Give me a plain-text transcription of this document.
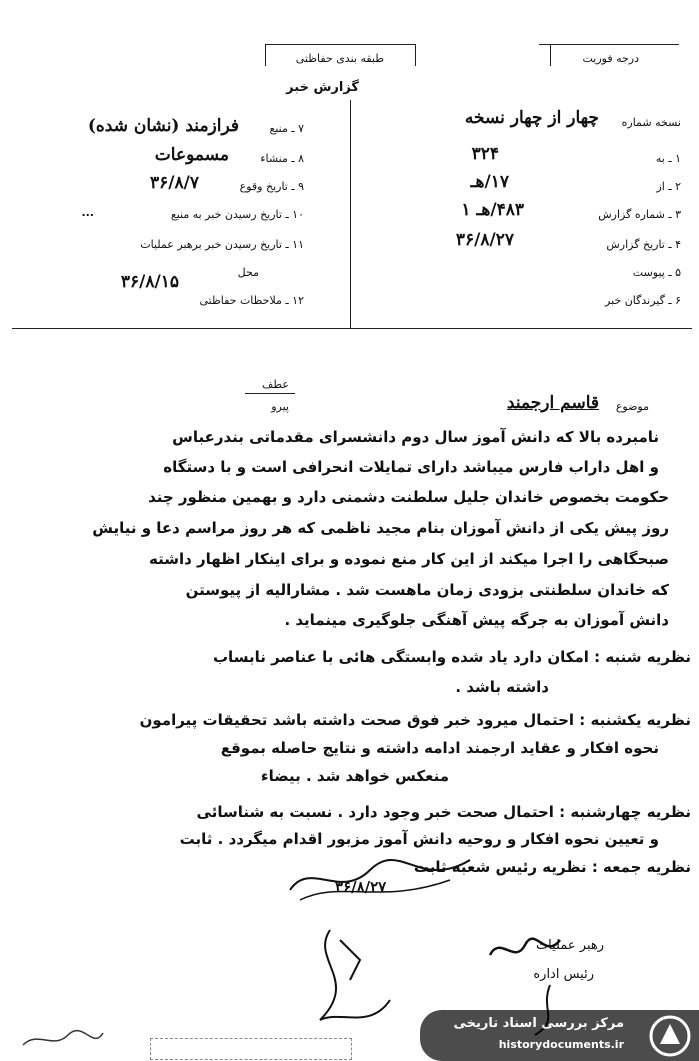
درجه فوریت
طبقه بندی حفاظتی
گزارش خبر
نسخه شماره
چهار از چهار نسخه
۱ ـ به
۳۲۴
۲ ـ از
۱۷/هـ
۳ ـ شماره گزارش
۴۸۳/هـ ۱
۴ ـ تاریخ گزارش
۳۶/۸/۲۷
۵ ـ پیوست
۶ ـ گیرندگان خبر
۷ ـ منبع
فرازمند (نشان شده)
۸ ـ منشاء
مسموعات
۹ ـ تاریخ وقوع
۳۶/۸/۷
۱۰ ـ تاریخ رسیدن خبر به منبع
...
۱۱ ـ تاریخ رسیدن خبر برهبر عملیات
محل
۳۶/۸/۱۵
۱۲ ـ ملاحظات حفاظتی
عطف
پیرو	موضوع
قاسم ارجمند
نامبرده بالا که دانش آموز سال دوم دانشسرای مقدماتی بندرعباس
و اهل داراب فارس میباشد دارای تمایلات انحرافی است و با دستگاه
حکومت بخصوص خاندان جلیل سلطنت دشمنی دارد و بهمین منظور چند
روز پیش یکی از دانش آموزان بنام مجید ناظمی که هر روز مراسم دعا و نیایش
صبحگاهی را اجرا میکند از این کار منع نموده و برای اینکار اظهار داشته
که خاندان سلطنتی بزودی زمان ماهست شد . مشارالیه از پیوستن
دانش آموزان به جرگه پیش آهنگی جلوگیری مینماید .
نظریه شنبه : امکان دارد یاد شده وابستگی هائی با عناصر نابساب
داشته باشد .
نظریه یکشنبه : احتمال میرود خبر فوق صحت داشته باشد تحقیقات پیرامون
نحوه افکار و عقاید ارجمند ادامه داشته و نتایج حاصله بموقع
منعکس خواهد شد . بیضاء
نظریه چهارشنبه : احتمال صحت خبر وجود دارد . نسبت به شناسائی
و تعیین نحوه افکار و روحیه دانش آموز مزبور اقدام میگردد . ثابت
نظریه جمعه : نظریه رئیس شعبه ثابت
۳۶/۸/۲۷
رهبر عملیات
رئیس اداره
مرکز بررسی اسناد تاریخی
historydocuments.ir
